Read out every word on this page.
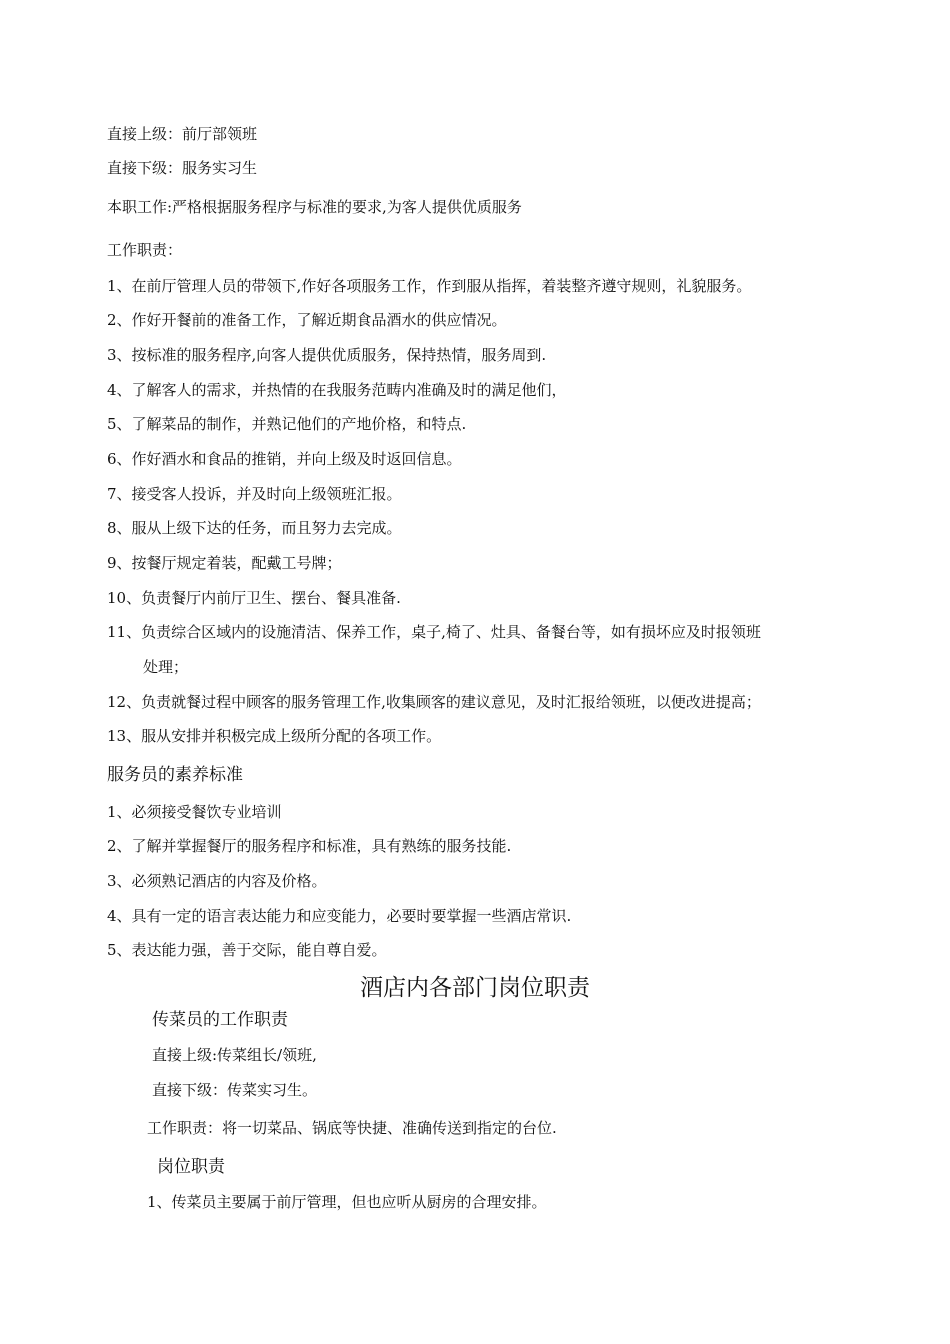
直接上级：前厅部领班
直接下级：服务实习生
本职工作:严格根据服务程序与标准的要求,为客人提供优质服务
工作职责：
1、在前厅管理人员的带领下,作好各项服务工作，作到服从指挥，着装整齐遵守规则，礼貌服务。
2、作好开餐前的准备工作，了解近期食品酒水的供应情况。
3、按标准的服务程序,向客人提供优质服务，保持热情，服务周到.
4、了解客人的需求，并热情的在我服务范畴内准确及时的满足他们，
5、了解菜品的制作，并熟记他们的产地价格，和特点.
6、作好酒水和食品的推销，并向上级及时返回信息。
7、接受客人投诉，并及时向上级领班汇报。
8、服从上级下达的任务，而且努力去完成。
9、按餐厅规定着装，配戴工号牌；
10、负责餐厅内前厅卫生、摆台、餐具准备.
11、负责综合区域内的设施清洁、保养工作，桌子,椅了、灶具、备餐台等，如有损坏应及时报领班
处理；
12、负责就餐过程中顾客的服务管理工作,收集顾客的建议意见，及时汇报给领班，以便改进提高；
13、服从安排并积极完成上级所分配的各项工作。
服务员的素养标准
1、必须接受餐饮专业培训
2、了解并掌握餐厅的服务程序和标准，具有熟练的服务技能.
3、必须熟记酒店的内容及价格。
4、具有一定的语言表达能力和应变能力，必要时要掌握一些酒店常识.
5、表达能力强，善于交际，能自尊自爱。
酒店内各部门岗位职责
传菜员的工作职责
直接上级:传菜组长/领班,
直接下级：传菜实习生。
工作职责：将一切菜品、锅底等快捷、准确传送到指定的台位.
岗位职责
1、传菜员主要属于前厅管理，但也应听从厨房的合理安排。
